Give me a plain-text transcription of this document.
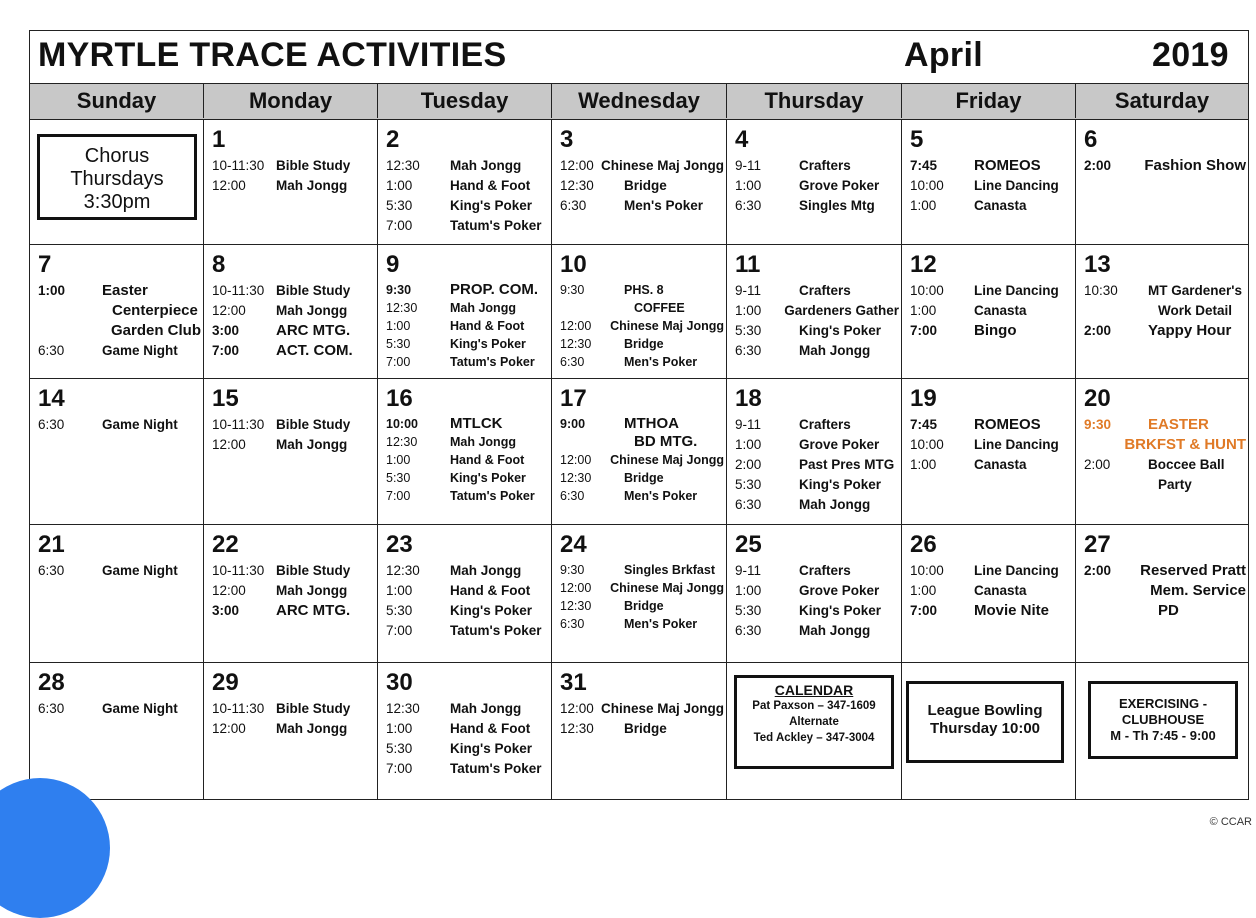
MYRTLE TRACE ACTIVITIES	April	2019
Sunday	Monday	Tuesday	Wednesday	Thursday	Friday	Saturday
Chorus
Thursdays
3:30pm
1
10-11:30 Bible Study
12:00	Mah Jongg
2
12:30	Mah Jongg
1:00	Hand & Foot
5:30	King's Poker
7:00	Tatum's Poker
3
12:00 Chinese Maj Jongg
12:30	Bridge
6:30	Men's Poker
4
9-11	Crafters
1:00	Grove Poker
6:30	Singles Mtg
5
7:45	ROMEOS
10:00	Line Dancing
1:00	Canasta
6
2:00	Fashion Show
7
1:00	Easter
Centerpiece
Garden Club
6:30	Game Night
8
10-11:30 Bible Study
12:00	Mah Jongg
3:00	ARC MTG.
7:00	ACT. COM.
9
9:30	PROP. COM.
12:30	Mah Jongg
1:00	Hand & Foot
5:30	King's Poker
7:00	Tatum's Poker
10
9:30	PHS. 8
COFFEE
12:00	Chinese Maj Jongg
12:30	Bridge
6:30	Men's Poker
11
9-11	Crafters
1:00	Gardeners Gather
5:30	King's Poker
6:30	Mah Jongg
12
10:00	Line Dancing
1:00	Canasta
7:00	Bingo
13
10:30	MT Gardener's
Work Detail
2:00	Yappy Hour
14
6:30	Game Night
15
10-11:30 Bible Study
12:00	Mah Jongg
16
10:00	MTLCK
12:30	Mah Jongg
1:00	Hand & Foot
5:30	King's Poker
7:00	Tatum's Poker
17
9:00	MTHOA
BD MTG.
12:00	Chinese Maj Jongg
12:30	Bridge
6:30	Men's Poker
18
9-11	Crafters
1:00	Grove Poker
2:00	Past Pres MTG
5:30	King's Poker
6:30	Mah Jongg
19
7:45	ROMEOS
10:00	Line Dancing
1:00	Canasta
20
9:30	EASTER
BRKFST & HUNT
2:00	Boccee Ball
Party
21
6:30	Game Night
22
10-11:30 Bible Study
12:00	Mah Jongg
3:00	ARC MTG.
23
12:30	Mah Jongg
1:00	Hand & Foot
5:30	King's Poker
7:00	Tatum's Poker
24
9:30	Singles Brkfast
12:00	Chinese Maj Jongg
12:30	Bridge
6:30	Men's Poker
25
9-11	Crafters
1:00	Grove Poker
5:30	King's Poker
6:30	Mah Jongg
26
10:00	Line Dancing
1:00	Canasta
7:00	Movie Nite
27
2:00	Reserved Pratt
Mem. Service
PD
28
6:30	Game Night
29
10-11:30 Bible Study
12:00	Mah Jongg
30
12:30	Mah Jongg
1:00	Hand & Foot
5:30	King's Poker
7:00	Tatum's Poker
31
12:00 Chinese Maj Jongg
12:30	Bridge
CALENDAR
Pat Paxson – 347-1609
Alternate
Ted Ackley – 347-3004
League Bowling
Thursday 10:00
EXERCISING -
CLUBHOUSE
M - Th 7:45 - 9:00
© CCAR
